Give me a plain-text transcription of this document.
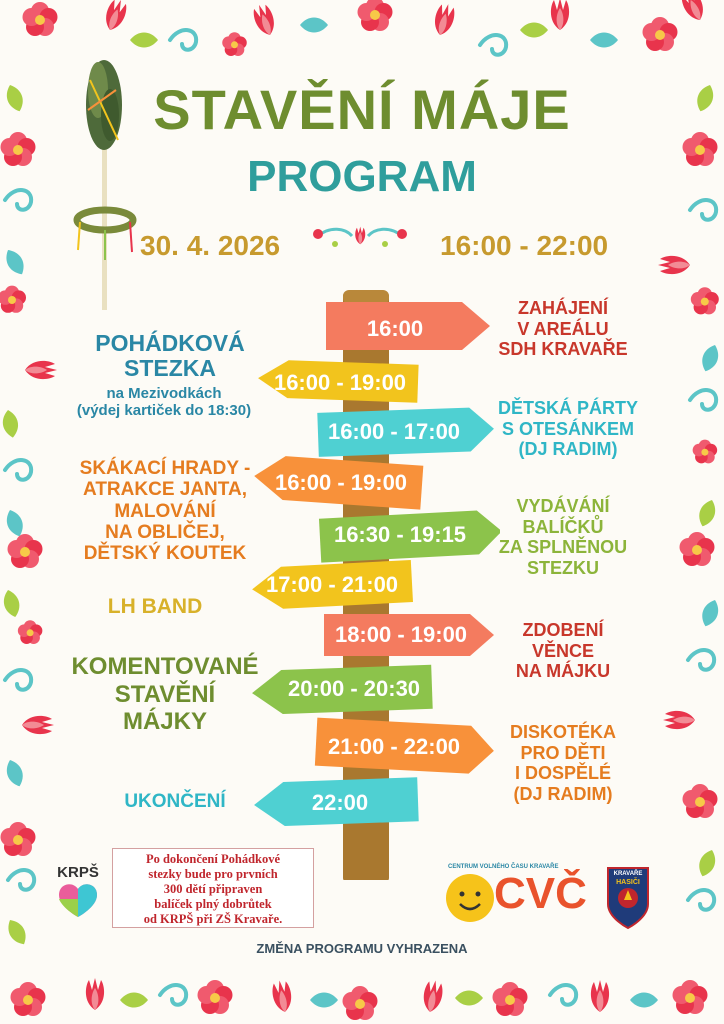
STAVĚNÍ MÁJE
PROGRAM
30. 4. 2026	16:00 - 22:00
16:00
16:00 - 19:00
16:00 - 17:00
16:00 - 19:00
16:30 - 19:15
17:00 - 21:00
18:00 - 19:00
20:00 - 20:30
21:00 - 22:00
22:00
POHÁDKOVÁ
STEZKA
na Mezivodkách
(výdej kartiček do 18:30)
SKÁKACÍ HRADY -
ATRAKCE JANTA,
MALOVÁNÍ
NA OBLIČEJ,
DĚTSKÝ KOUTEK
LH BAND
KOMENTOVANÉ
STAVĚNÍ
MÁJKY
UKONČENÍ
ZAHÁJENÍ
V AREÁLU
SDH KRAVAŘE
DĚTSKÁ PÁRTY
S OTESÁNKEM
(DJ RADIM)
VYDÁVÁNÍ
BALÍČKŮ
ZA SPLNĚNOU
STEZKU
ZDOBENÍ
VĚNCE
NA MÁJKU
DISKOTÉKA
PRO DĚTI
I DOSPĚLÉ
(DJ RADIM)
KRPŠ
Po dokončení Pohádkové
stezky bude pro prvních
300 dětí připraven
balíček plný dobrůtek
od KRPŠ při ZŠ Kravaře.
CENTRUM VOLNÉHO ČASU KRAVAŘE
CVČ	KRAVAŘE
HASIČI
ZMĚNA PROGRAMU VYHRAZENA
